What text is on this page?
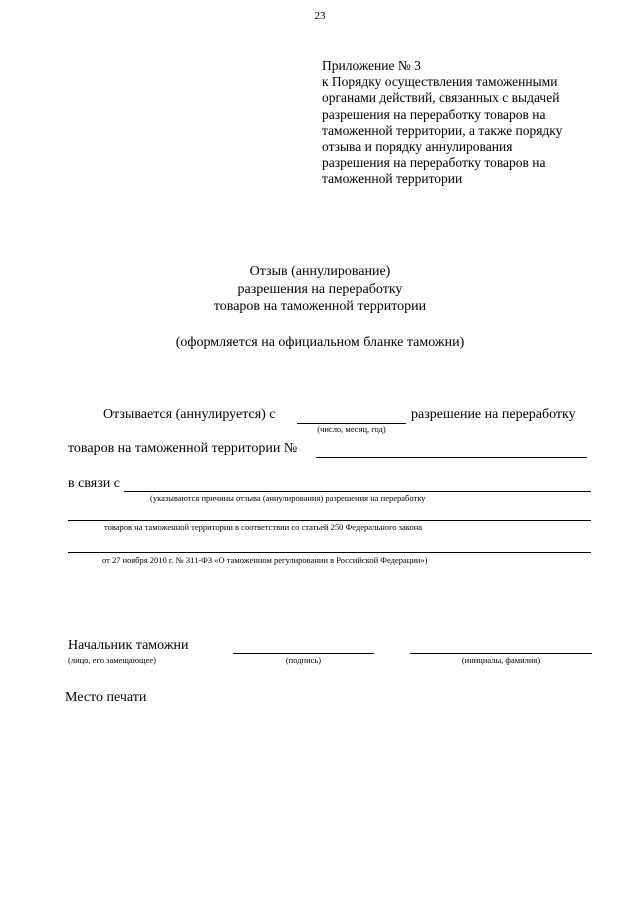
23
Приложение № 3
к Порядку осуществления таможенными
органами действий, связанных с выдачей
разрешения на переработку товаров на
таможенной территории, а также порядку
отзыва и порядку аннулирования
разрешения на переработку товаров на
таможенной территории
Отзыв (аннулирование)
разрешения на переработку
товаров на таможенной территории
(оформляется на официальном бланке таможни)
Отзывается (аннулируется) с
(число, месяц, год)
разрешение на переработку
товаров на таможенной территории №
в связи с
(указываются причины отзыва (аннулирования) разрешения на переработку
товаров на таможенной территории в соответствии со статьей 250 Федерального закона
от 27 ноября 2010 г. № 311-ФЗ «О таможенном регулировании в Российской Федерации»)
Начальник таможни
(лицо, его замещающее)	(подпись)	(инициалы, фамилия)
Место печати
